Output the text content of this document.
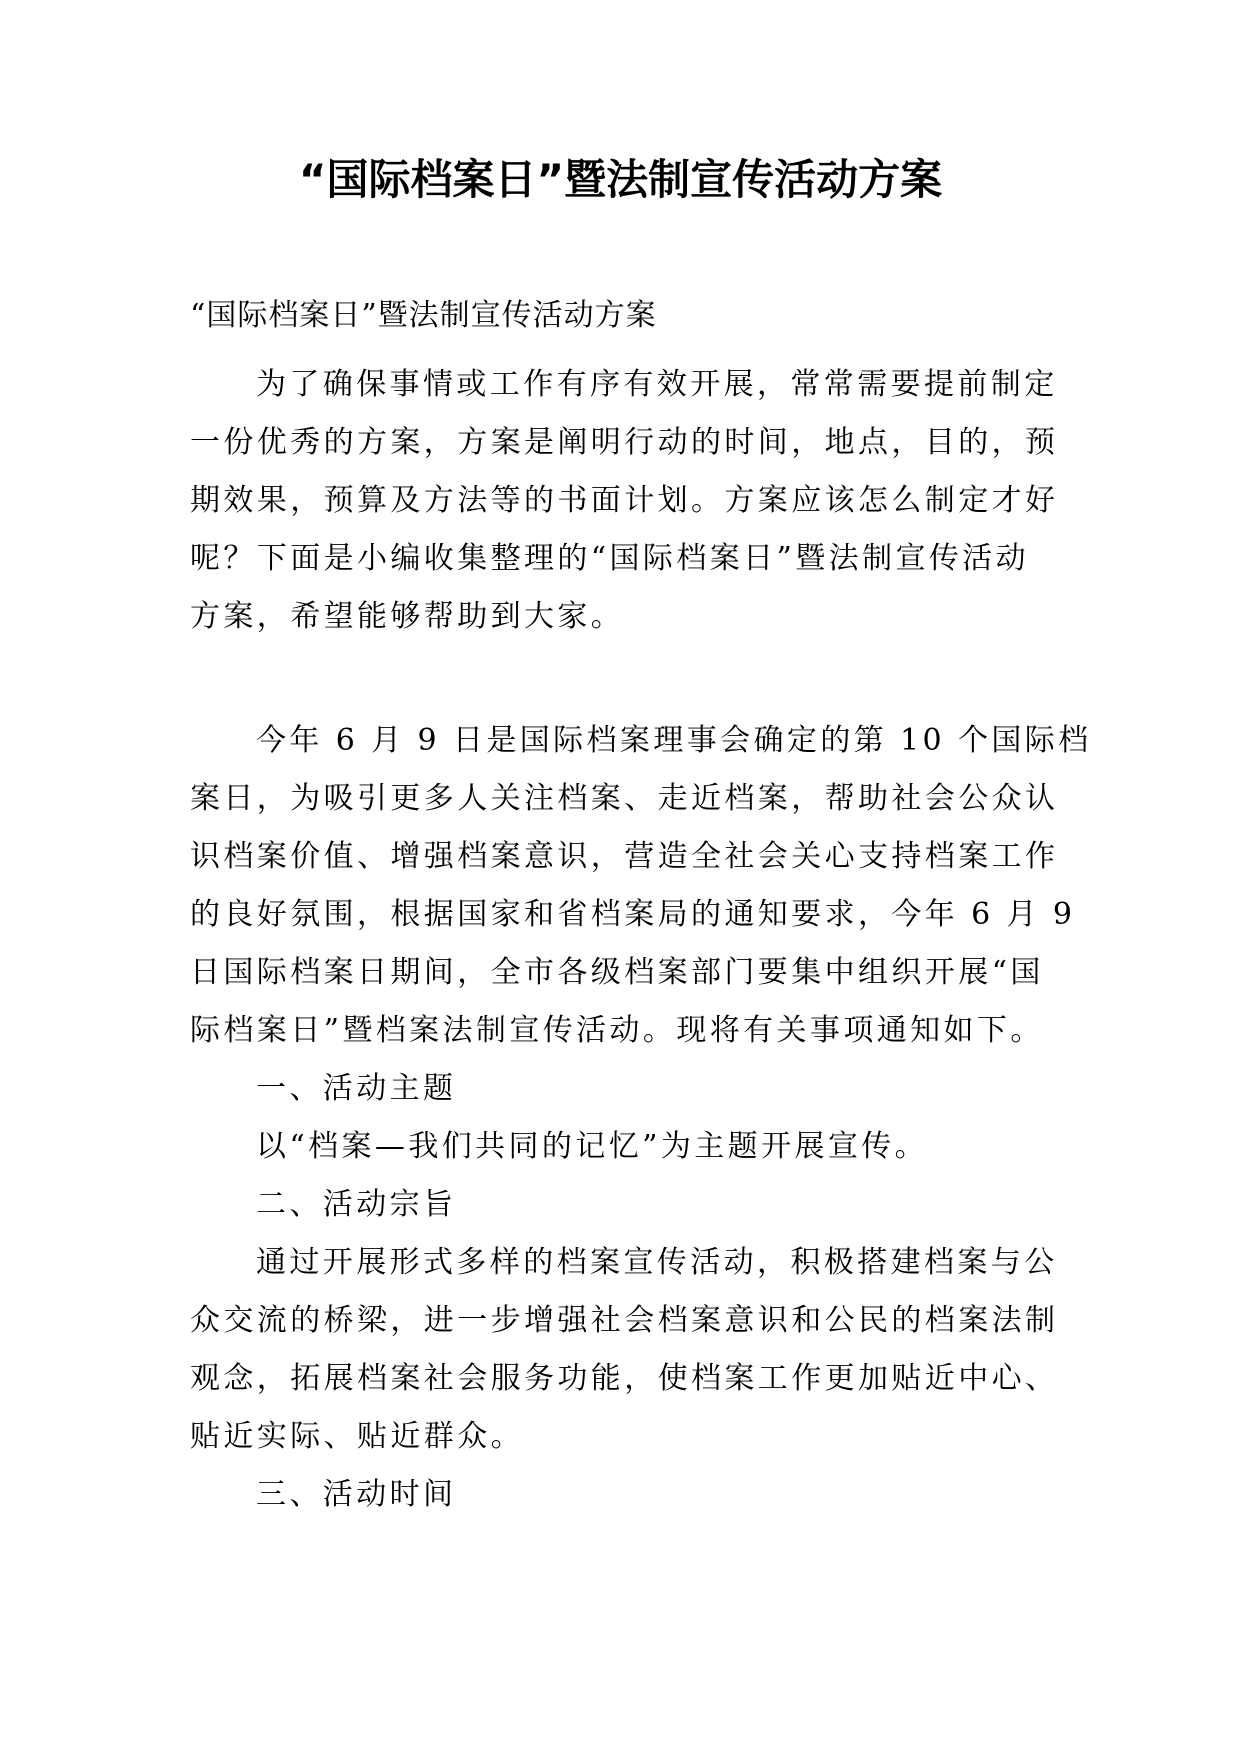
“国际档案日”暨法制宣传活动方案
“国际档案日”暨法制宣传活动方案
为了确保事情或工作有序有效开展，常常需要提前制定
一份优秀的方案，方案是阐明行动的时间，地点，目的，预
期效果，预算及方法等的书面计划。方案应该怎么制定才好
呢？下面是小编收集整理的“国际档案日”暨法制宣传活动
方案，希望能够帮助到大家。
今年 6 月 9 日是国际档案理事会确定的第 10 个国际档
案日，为吸引更多人关注档案、走近档案，帮助社会公众认
识档案价值、增强档案意识，营造全社会关心支持档案工作
的良好氛围，根据国家和省档案局的通知要求，今年 6 月 9
日国际档案日期间，全市各级档案部门要集中组织开展“国
际档案日”暨档案法制宣传活动。现将有关事项通知如下。
一、活动主题
以“档案—我们共同的记忆”为主题开展宣传。
二、活动宗旨
通过开展形式多样的档案宣传活动，积极搭建档案与公
众交流的桥梁，进一步增强社会档案意识和公民的档案法制
观念，拓展档案社会服务功能，使档案工作更加贴近中心、
贴近实际、贴近群众。
三、活动时间
